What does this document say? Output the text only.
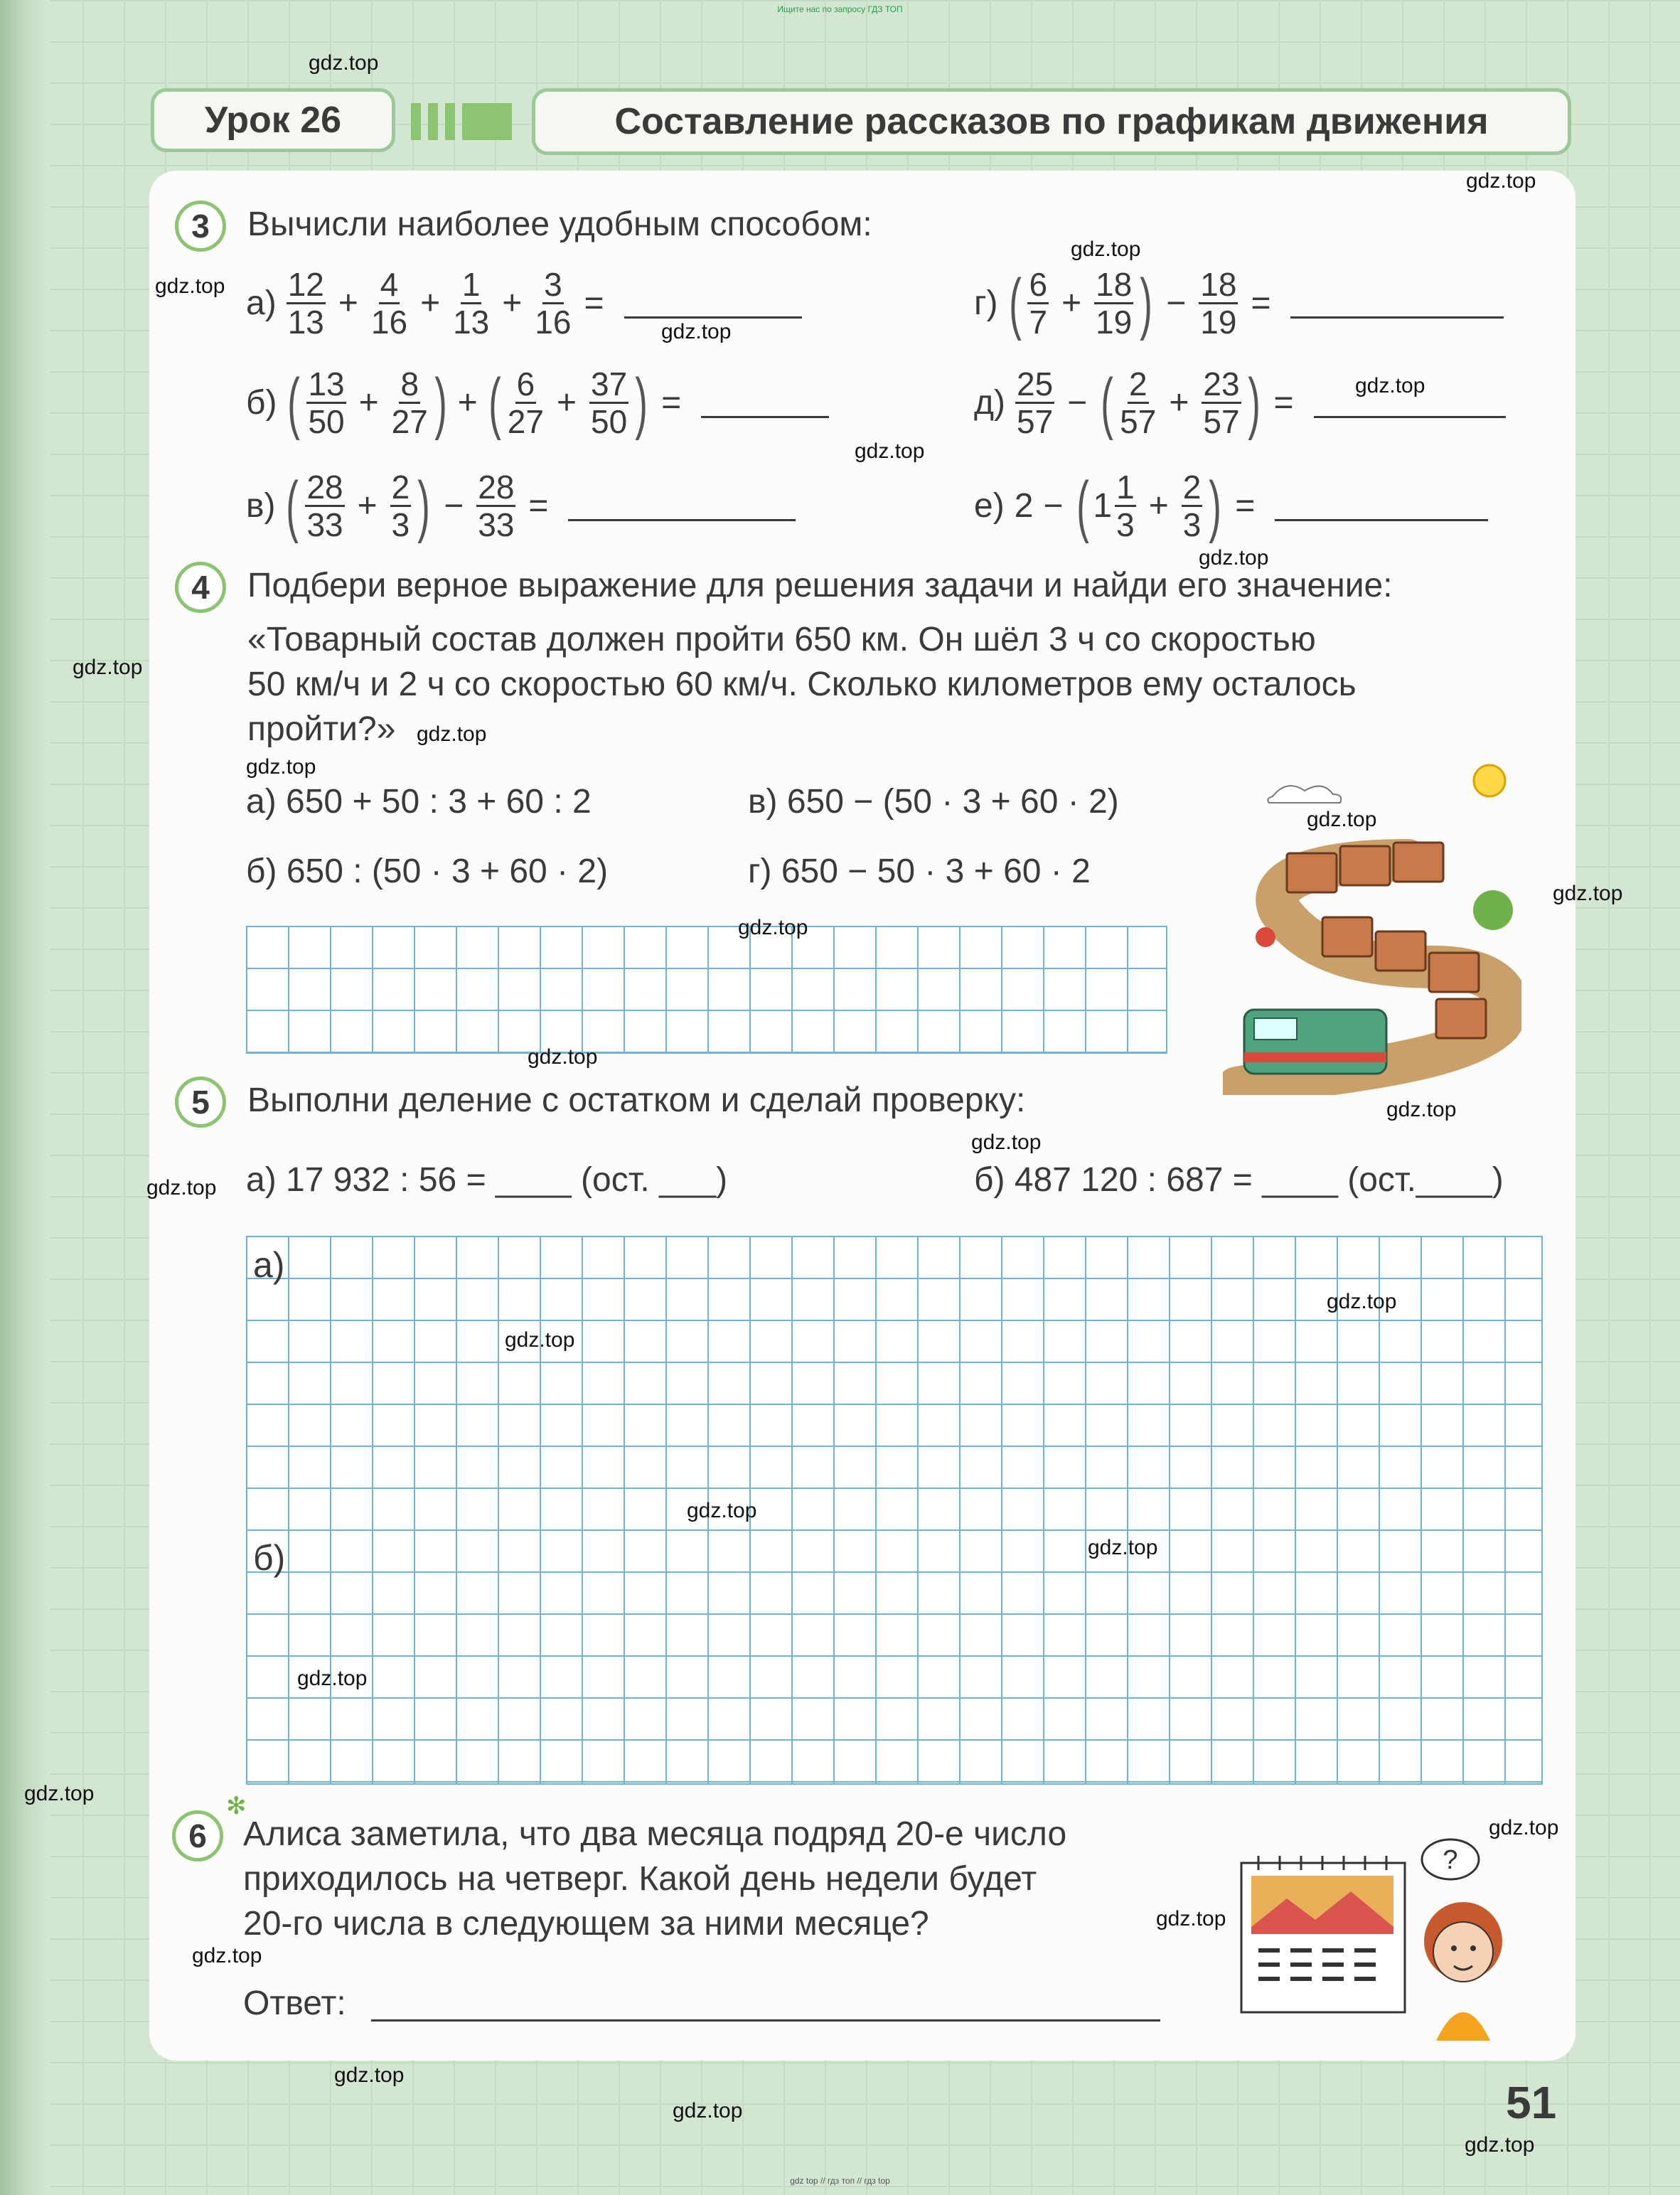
Ищите нас по запросу ГДЗ ТОП
Урок 26	Составление рассказов по графикам движения
3	Вычисли наиболее удобным способом:
$а) \frac{12}{13} + \frac{4}{16} + \frac{1}{13} + \frac{3}{16}$ =
б) ( $\frac{13}{50} + \frac{8}{27}$ ) + ( $\frac{6}{27} + \frac{37}{50}$ ) =
в) ( $\frac{28}{33} + \frac{2}{3}$ ) − $\frac{28}{33}$ =
г) ( $\frac{6}{7} + \frac{18}{19}$ ) − $\frac{18}{19}$ =
$д) \frac{25}{57}$ − ( $\frac{2}{57} + \frac{23}{57}$ ) =
е) 2 − ( $1 \frac{1}{3} + \frac{2}{3}$ ) =
4	Подбери верное выражение для решения задачи и найди его значение:
«Товарный состав должен пройти 650 км. Он шёл 3 ч со скоростью
50 км/ч и 2 ч со скоростью 60 км/ч. Сколько километров ему осталось
пройти?»
а) 650 + 50 : 3 + 60 : 2
б) 650 : (50 · 3 + 60 · 2)
в) 650 − (50 · 3 + 60 · 2)
г) 650 − 50 · 3 + 60 · 2
5	Выполни деление с остатком и сделай проверку:
а) 17 932 : 56 = ____ (ост. ___)	б) 487 120 : 687 = ____ (ост.____)
а)
б)
✻
6	Алиса заметила, что два месяца подряд 20-е число
приходилось на четверг. Какой день недели будет
20-го числа в следующем за ними месяце?
Ответ:
?
51
gdz top // гдз топ // гдз top
gdz.top
gdz.top
gdz.top
gdz.top
gdz.top
gdz.top
gdz.top
gdz.top
gdz.top
gdz.top
gdz.top
gdz.top
gdz.top
gdz.top
gdz.top
gdz.top
gdz.top
gdz.top
gdz.top
gdz.top
gdz.top
gdz.top
gdz.top
gdz.top
gdz.top
gdz.top
gdz.top
gdz.top
gdz.top
gdz.top
